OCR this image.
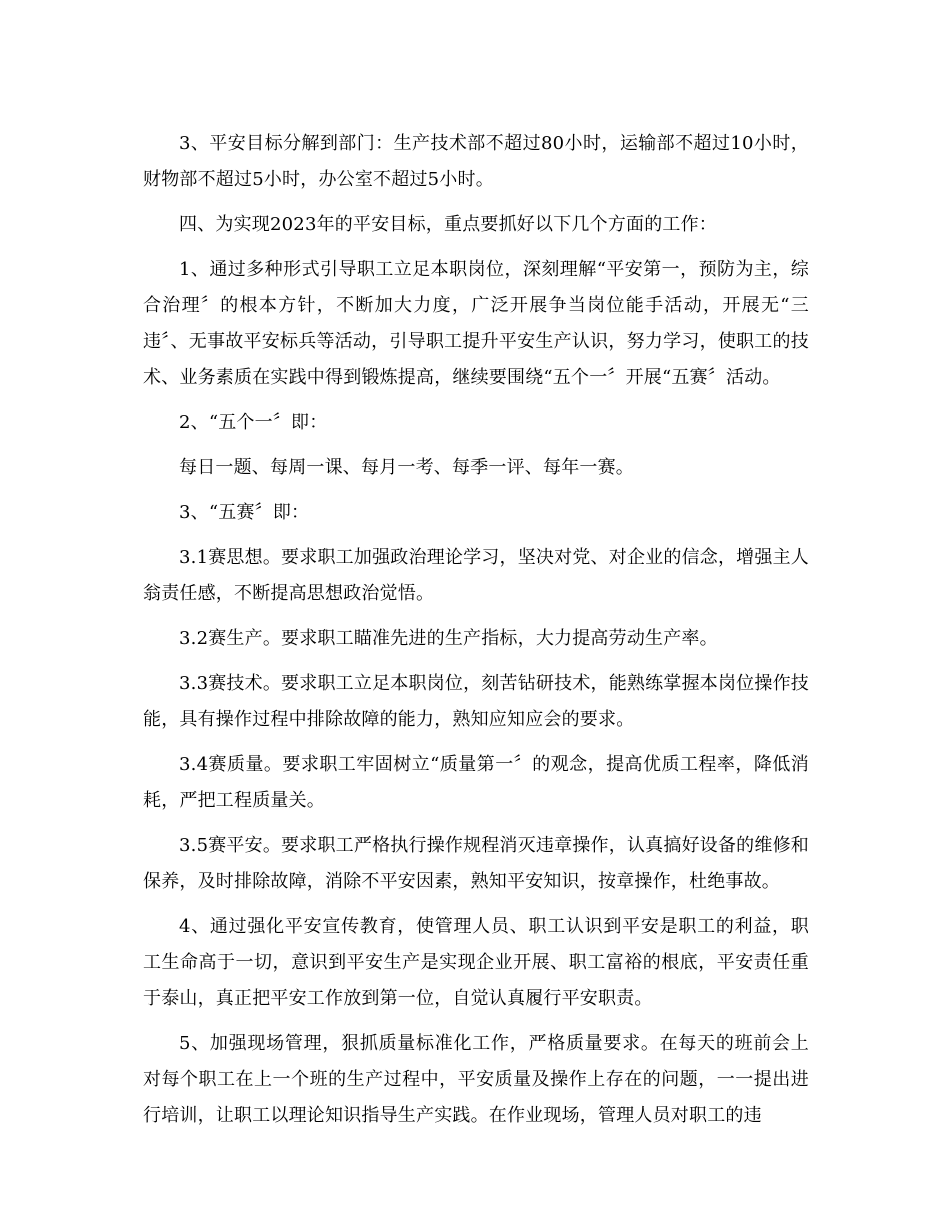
3、平安目标分解到部门：生产技术部不超过80小时，运输部不超过10小时，财物部不超过5小时，办公室不超过5小时。

四、为实现2023年的平安目标，重点要抓好以下几个方面的工作：

1、通过多种形式引导职工立足本职岗位，深刻理解“平安第一，预防为主，综合治理〞的根本方针，不断加大力度，广泛开展争当岗位能手活动，开展无“三违〞、无事故平安标兵等活动，引导职工提升平安生产认识，努力学习，使职工的技术、业务素质在实践中得到锻炼提高，继续要围绕“五个一〞开展“五赛〞活动。

2、“五个一〞即：

每日一题、每周一课、每月一考、每季一评、每年一赛。

3、“五赛〞即：

3.1赛思想。要求职工加强政治理论学习，坚决对党、对企业的信念，增强主人翁责任感，不断提高思想政治觉悟。

3.2赛生产。要求职工瞄准先进的生产指标，大力提高劳动生产率。

3.3赛技术。要求职工立足本职岗位，刻苦钻研技术，能熟练掌握本岗位操作技能，具有操作过程中排除故障的能力，熟知应知应会的要求。

3.4赛质量。要求职工牢固树立“质量第一〞的观念，提高优质工程率，降低消耗，严把工程质量关。

3.5赛平安。要求职工严格执行操作规程消灭违章操作，认真搞好设备的维修和保养，及时排除故障，消除不平安因素，熟知平安知识，按章操作，杜绝事故。

4、通过强化平安宣传教育，使管理人员、职工认识到平安是职工的利益，职工生命高于一切，意识到平安生产是实现企业开展、职工富裕的根底，平安责任重于泰山，真正把平安工作放到第一位，自觉认真履行平安职责。

5、加强现场管理，狠抓质量标准化工作，严格质量要求。在每天的班前会上对每个职工在上一个班的生产过程中，平安质量及操作上存在的问题，一一提出进行培训，让职工以理论知识指导生产实践。在作业现场，管理人员对职工的违
